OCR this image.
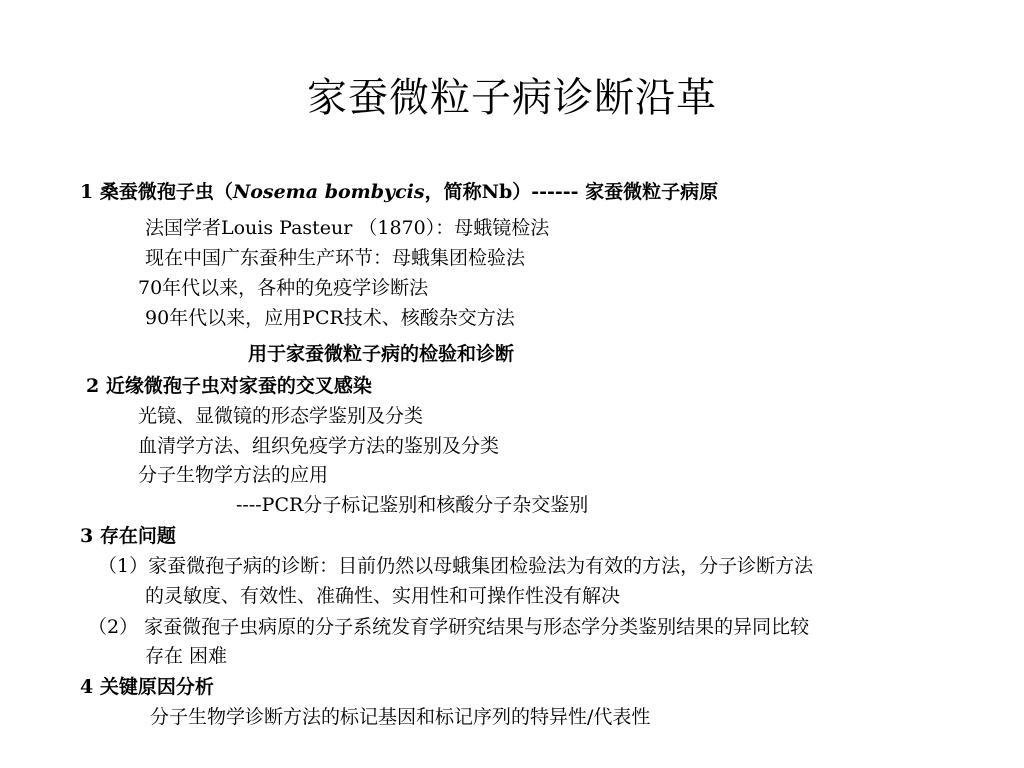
家蚕微粒子病诊断沿革
1 桑蚕微孢子虫（Nosema bombycis，简称Nb）------ 家蚕微粒子病原
法国学者Louis Pasteur （1870）：母蛾镜检法
现在中国广东蚕种生产环节：母蛾集团检验法
70年代以来，各种的免疫学诊断法
90年代以来，应用PCR技术、核酸杂交方法
用于家蚕微粒子病的检验和诊断
2 近缘微孢子虫对家蚕的交叉感染
光镜、显微镜的形态学鉴别及分类
血清学方法、组织免疫学方法的鉴别及分类
分子生物学方法的应用
----PCR分子标记鉴别和核酸分子杂交鉴别
3 存在问题
（1）家蚕微孢子病的诊断：目前仍然以母蛾集团检验法为有效的方法，分子诊断方法
的灵敏度、有效性、准确性、实用性和可操作性没有解决
（2） 家蚕微孢子虫病原的分子系统发育学研究结果与形态学分类鉴别结果的异同比较
存在 困难
4 关键原因分析
分子生物学诊断方法的标记基因和标记序列的特异性/代表性
